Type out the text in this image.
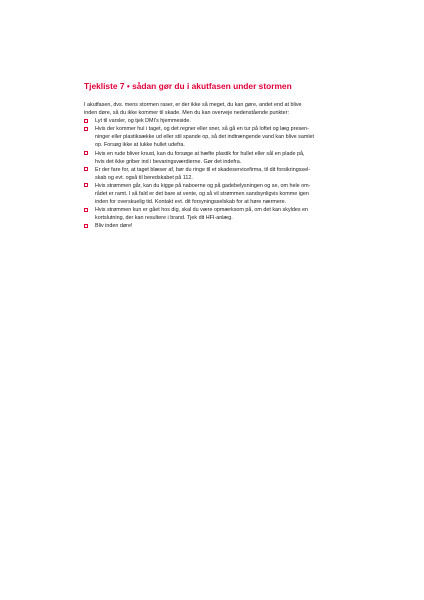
Tjekliste 7 • sådan gør du i akutfasen under stormen

I akutfasen, dvs. mens stormen raser, er der ikke så meget, du kan gøre, andet end at blive
inden døre, så du ikke kommer til skade. Men du kan overveje nedenstående punkter:

Lyt til varsler, og tjek DMI’s hjemmeside.
Hvis der kommer hul i taget, og det regner eller sner, så gå en tur på loftet og læg presen-
ninger eller plastiksække ud eller stil spande op, så det indtrængende vand kan blive samlet
op. Forsøg ikke at lukke hullet udefra.
Hvis en rude bliver knust, kan du forsøge at hæfte plastik for hullet eller sål en plade på,
hvis det ikke griber ind i bevaringsværdierne. Gør det indefra.
Er der fare for, at taget blæser af, bør du ringe til et skadeservicefirma, til dit forsikringssel-
skab og evt. også til beredskabet på 112.
Hvis strømmen går, kan du kigge på naboerne og på gadebelysningen og se, om hele om-
rådet er ramt. I så fald er det bare at vente, og så vil strømmen sandsynligvis komme igen
inden for overskuelig tid. Kontakt evt. dit forsyningsselskab for at høre nærmere.
Hvis strømmen kun er gået hos dig, skal du være opmærksom på, om det kan skyldes en
kortslutning, der kan resultere i brand. Tjek dit HFI-anlæg.
Bliv inden døre!
